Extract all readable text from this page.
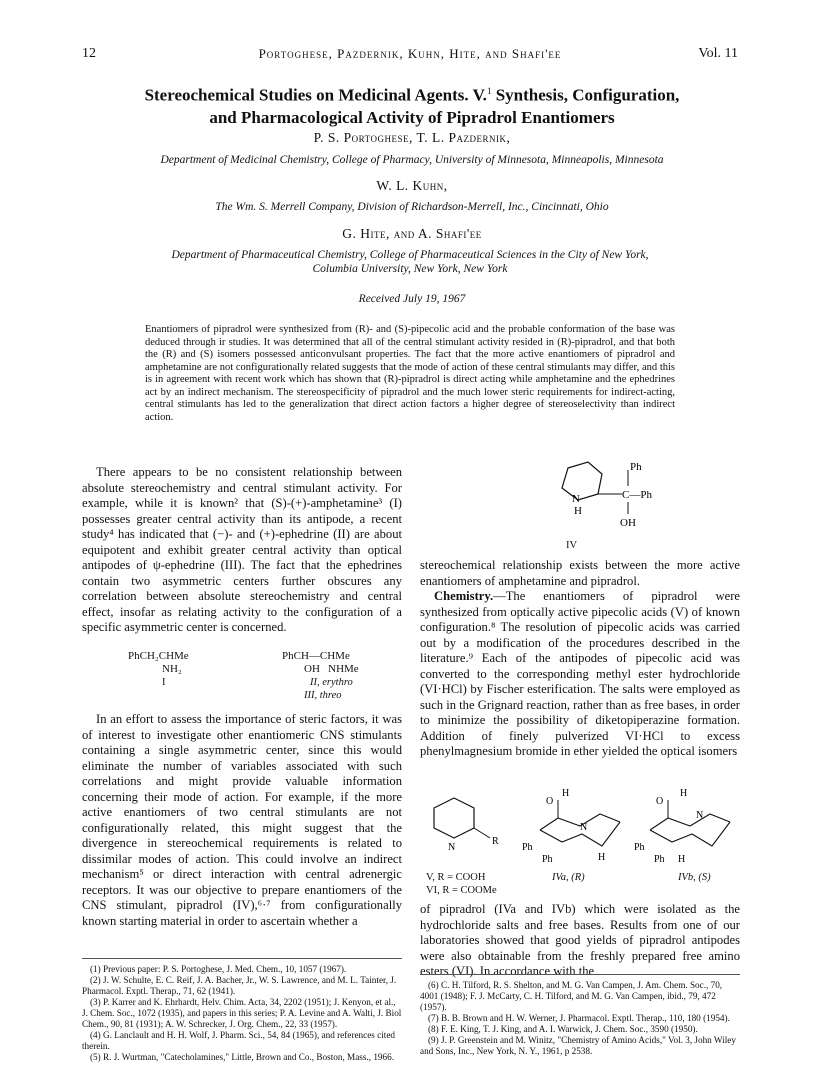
12	Portoghese, Pazdernik, Kuhn, Hite, and Shafi'ee	Vol. 11
Stereochemical Studies on Medicinal Agents. V.$^1$ Synthesis, Configuration,
and Pharmacological Activity of Pipradrol Enantiomers
P. S. Portoghese, T. L. Pazdernik,
Department of Medicinal Chemistry, College of Pharmacy, University of Minnesota, Minneapolis, Minnesota
W. L. Kuhn,
The Wm. S. Merrell Company, Division of Richardson-Merrell, Inc., Cincinnati, Ohio
G. Hite, and A. Shafi'ee
Department of Pharmaceutical Chemistry, College of Pharmaceutical Sciences in the City of New York, Columbia University, New York, New York
Received July 19, 1967
Enantiomers of pipradrol were synthesized from (R)- and (S)-pipecolic acid and the probable conformation of the base was deduced through ir studies. It was determined that all of the central stimulant activity resided in (R)-pipradrol, and that both the (R) and (S) isomers possessed anticonvulsant properties. The fact that the more active enantiomers of pipradrol and amphetamine are not configurationally related suggests that the mode of action of these central stimulants may differ, and this is in agreement with recent work which has shown that (R)-pipradrol is direct acting while amphetamine and the ephedrines act by an indirect mechanism. The stereospecificity of pipradrol and the much lower steric requirements for indirect-acting, central stimulants has led to the generalization that direct action factors a higher degree of stereoselectivity than indirect action.

There appears to be no consistent relationship between absolute stereochemistry and central stimulant activity. For example, while it is known² that (S)-(+)-amphetamine³ (I) possesses greater central activity than its antipode, a recent study⁴ has indicated that (−)- and (+)-ephedrine (II) are about equipotent and exhibit greater central activity than optical antipodes of ψ-ephedrine (III). The fact that the ephedrines contain two asymmetric centers further obscures any correlation between absolute stereochemistry and central effect, insofar as relating activity to the configuration of a specific asymmetric center is concerned.

PhCH₂CHMe
NH₂
I
PhCH—CHMe
OH   NHMe
II, erythro
III, threo

In an effort to assess the importance of steric factors, it was of interest to investigate other enantiomeric CNS stimulants containing a single asymmetric center, since this would eliminate the number of variables associated with such correlations and might provide valuable information concerning their mode of action. For example, if the more active enantiomers of two central stimulants are not configurationally related, this might suggest that the divergence in stereochemical requirements is related to dissimilar modes of action. This could involve an indirect mechanism⁵ or direct interaction with central adrenergic receptors. It was our objective to prepare enantiomers of the CNS stimulant, pipradrol (IV),⁶·⁷ from configurationally known starting material in order to ascertain whether a

(1) Previous paper: P. S. Portoghese, J. Med. Chem., 10, 1057 (1967).
(2) J. W. Schulte, E. C. Reif, J. A. Bacher, Jr., W. S. Lawrence, and M. L. Tainter, J. Pharmacol. Exptl. Therap., 71, 62 (1941).
(3) P. Karrer and K. Ehrhardt, Helv. Chim. Acta, 34, 2202 (1951); J. Kenyon, et al., J. Chem. Soc., 1072 (1935), and papers in this series; P. A. Levine and A. Walti, J. Biol Chem., 90, 81 (1931); A. W. Schrecker, J. Org. Chem., 22, 33 (1957).
(4) G. Lanclault and H. H. Wolf, J. Pharm. Sci., 54, 84 (1965), and references cited therein.
(5) R. J. Wurtman, "Catecholamines," Little, Brown and Co., Boston, Mass., 1966.
Ph
C—Ph
N
H
OH
IV

stereochemical relationship exists between the more active enantiomers of amphetamine and pipradrol.

Chemistry.—The enantiomers of pipradrol were synthesized from optically active pipecolic acids (V) of known configuration.⁸ The resolution of pipecolic acids was carried out by a modification of the procedures described in the literature.⁹ Each of the antipodes of pipecolic acid was converted to the corresponding methyl ester hydrochloride (VI·HCl) by Fischer esterification. The salts were employed as such in the Grignard reaction, rather than as free bases, in order to minimize the possibility of diketopiperazine formation. Addition of finely pulverized VI·HCl to excess phenylmagnesium bromide in ether yielded the optical isomers

R
N
O
H
Ph
Ph
N
H
O
H
N
Ph
Ph H
V, R = COOH
VI, R = COOMe
IVa, (R)	IVb, (S)

of pipradrol (IVa and IVb) which were isolated as the hydrochloride salts and free bases. Results from one of our laboratories showed that good yields of pipradrol antipodes were also obtainable from the freshly prepared free amino esters (VI). In accordance with the

(6) C. H. Tilford, R. S. Shelton, and M. G. Van Campen, J. Am. Chem. Soc., 70, 4001 (1948); F. J. McCarty, C. H. Tilford, and M. G. Van Campen, ibid., 79, 472 (1957).
(7) B. B. Brown and H. W. Werner, J. Pharmacol. Exptl. Therap., 110, 180 (1954).
(8) F. E. King, T. J. King, and A. I. Warwick, J. Chem. Soc., 3590 (1950).
(9) J. P. Greenstein and M. Winitz, "Chemistry of Amino Acids," Vol. 3, John Wiley and Sons, Inc., New York, N. Y., 1961, p 2538.
